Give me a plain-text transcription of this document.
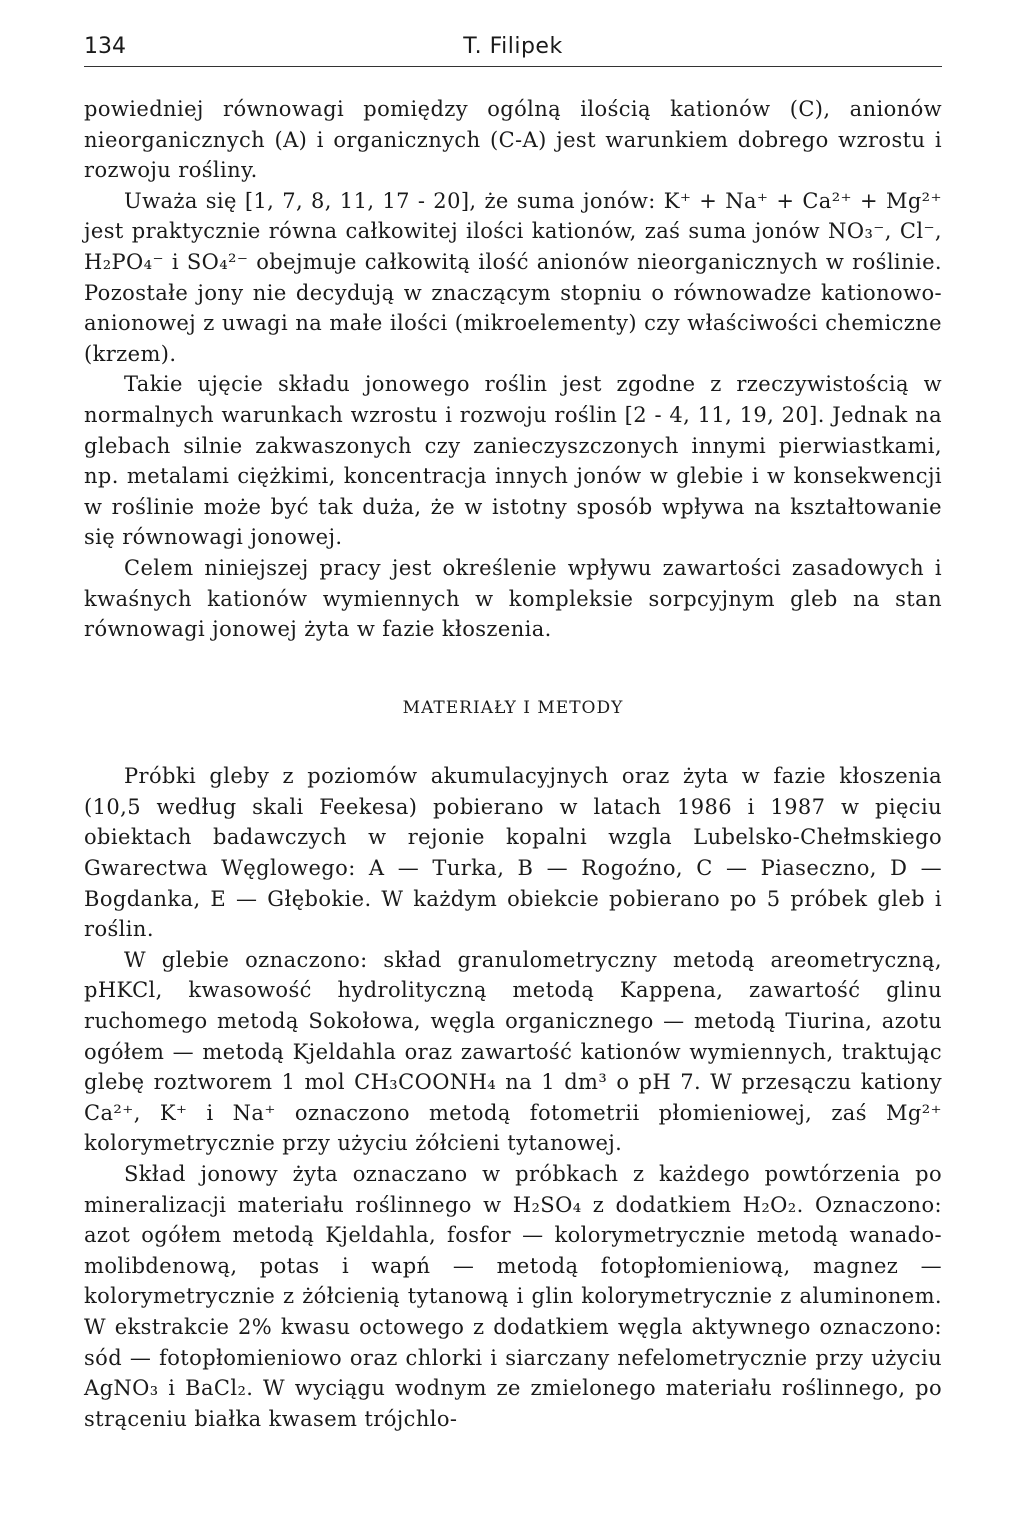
134	T. Filipek

powiedniej równowagi pomiędzy ogólną ilością kationów (C), anionów nieorganicznych (A) i organicznych (C-A) jest warunkiem dobrego wzrostu i rozwoju rośliny.

Uważa się [1, 7, 8, 11, 17 - 20], że suma jonów: K⁺ + Na⁺ + Ca²⁺ + Mg²⁺ jest praktycznie równa całkowitej ilości kationów, zaś suma jonów NO₃⁻, Cl⁻, H₂PO₄⁻ i SO₄²⁻ obejmuje całkowitą ilość anionów nieorganicznych w roślinie. Pozostałe jony nie decydują w znaczącym stopniu o równowadze kationowo-anionowej z uwagi na małe ilości (mikroelementy) czy właściwości chemiczne (krzem).

Takie ujęcie składu jonowego roślin jest zgodne z rzeczywistością w normalnych warunkach wzrostu i rozwoju roślin [2 - 4, 11, 19, 20]. Jednak na glebach silnie zakwaszonych czy zanieczyszczonych innymi pierwiastkami, np. metalami ciężkimi, koncentracja innych jonów w glebie i w konsekwencji w roślinie może być tak duża, że w istotny sposób wpływa na kształtowanie się równowagi jonowej.

Celem niniejszej pracy jest określenie wpływu zawartości zasadowych i kwaśnych kationów wymiennych w kompleksie sorpcyjnym gleb na stan równowagi jonowej żyta w fazie kłoszenia.

MATERIAŁY I METODY

Próbki gleby z poziomów akumulacyjnych oraz żyta w fazie kłoszenia (10,5 według skali Feekesa) pobierano w latach 1986 i 1987 w pięciu obiektach badawczych w rejonie kopalni wzgla Lubelsko-Chełmskiego Gwarectwa Węglowego: A — Turka, B — Rogoźno, C — Piaseczno, D — Bogdanka, E — Głębokie. W każdym obiekcie pobierano po 5 próbek gleb i roślin.

W glebie oznaczono: skład granulometryczny metodą areometryczną, pHKCl, kwasowość hydrolityczną metodą Kappena, zawartość glinu ruchomego metodą Sokołowa, węgla organicznego — metodą Tiurina, azotu ogółem — metodą Kjeldahla oraz zawartość kationów wymiennych, traktując glebę roztworem 1 mol CH₃COONH₄ na 1 dm³ o pH 7. W przesączu kationy Ca²⁺, K⁺ i Na⁺ oznaczono metodą fotometrii płomieniowej, zaś Mg²⁺ kolorymetrycznie przy użyciu żółcieni tytanowej.

Skład jonowy żyta oznaczano w próbkach z każdego powtórzenia po mineralizacji materiału roślinnego w H₂SO₄ z dodatkiem H₂O₂. Oznaczono: azot ogółem metodą Kjeldahla, fosfor — kolorymetrycznie metodą wanado-molibdenową, potas i wapń — metodą fotopłomieniową, magnez — kolorymetrycznie z żółcienią tytanową i glin kolorymetrycznie z aluminonem. W ekstrakcie 2% kwasu octowego z dodatkiem węgla aktywnego oznaczono: sód — fotopłomieniowo oraz chlorki i siarczany nefelometrycznie przy użyciu AgNO₃ i BaCl₂. W wyciągu wodnym ze zmielonego materiału roślinnego, po strąceniu białka kwasem trójchlo-
